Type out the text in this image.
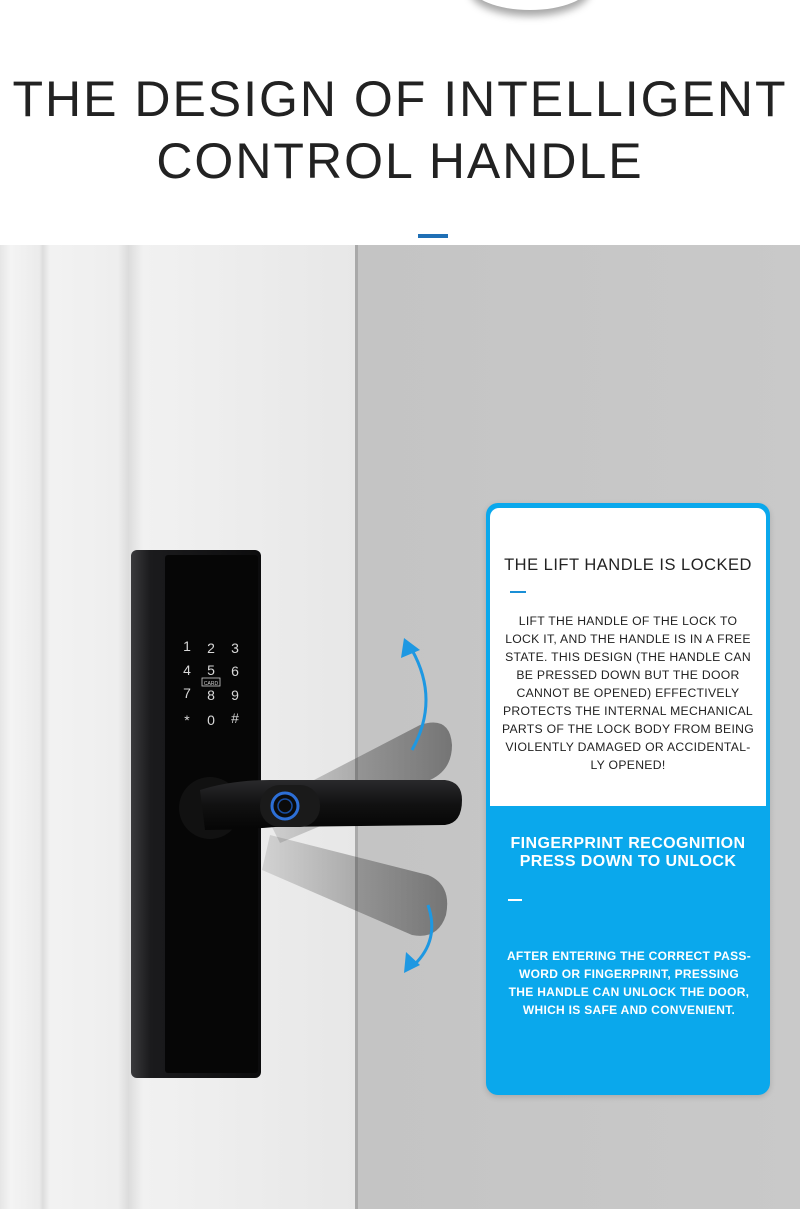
THE DESIGN OF INTELLIGENT
CONTROL HANDLE
1 2 3
4 5 6
7 8 9
* 0 #
CARD
THE LIFT HANDLE IS LOCKED
LIFT THE HANDLE OF THE LOCK TO
LOCK IT, AND THE HANDLE IS IN A FREE
STATE. THIS DESIGN (THE HANDLE CAN
BE PRESSED DOWN BUT THE DOOR
CANNOT BE OPENED) EFFECTIVELY
PROTECTS THE INTERNAL MECHANICAL
PARTS OF THE LOCK BODY FROM BEING
VIOLENTLY DAMAGED OR ACCIDENTAL-
LY OPENED!
FINGERPRINT RECOGNITION
PRESS DOWN TO UNLOCK
AFTER ENTERING THE CORRECT PASS-
WORD OR FINGERPRINT, PRESSING
THE HANDLE CAN UNLOCK THE DOOR,
WHICH IS SAFE AND CONVENIENT.
